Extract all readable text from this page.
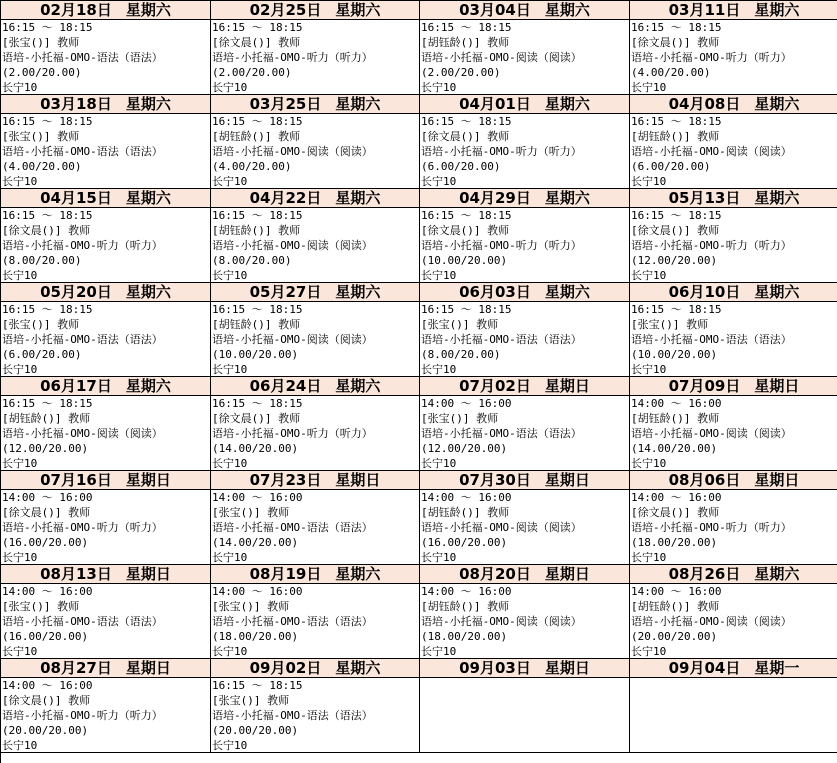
02月18日 星期六
16:15 ～ 18:15
[张宝()] 教师
语培-小托福-OMO-语法（语法）
(2.00/20.00)
长宁10
02月25日 星期六
16:15 ～ 18:15
[徐文晨()] 教师
语培-小托福-OMO-听力（听力）
(2.00/20.00)
长宁10
03月04日 星期六
16:15 ～ 18:15
[胡钰龄()] 教师
语培-小托福-OMO-阅读（阅读）
(2.00/20.00)
长宁10
03月11日 星期六
16:15 ～ 18:15
[徐文晨()] 教师
语培-小托福-OMO-听力（听力）
(4.00/20.00)
长宁10
03月18日 星期六
16:15 ～ 18:15
[张宝()] 教师
语培-小托福-OMO-语法（语法）
(4.00/20.00)
长宁10
03月25日 星期六
16:15 ～ 18:15
[胡钰龄()] 教师
语培-小托福-OMO-阅读（阅读）
(4.00/20.00)
长宁10
04月01日 星期六
16:15 ～ 18:15
[徐文晨()] 教师
语培-小托福-OMO-听力（听力）
(6.00/20.00)
长宁10
04月08日 星期六
16:15 ～ 18:15
[胡钰龄()] 教师
语培-小托福-OMO-阅读（阅读）
(6.00/20.00)
长宁10
04月15日 星期六
16:15 ～ 18:15
[徐文晨()] 教师
语培-小托福-OMO-听力（听力）
(8.00/20.00)
长宁10
04月22日 星期六
16:15 ～ 18:15
[胡钰龄()] 教师
语培-小托福-OMO-阅读（阅读）
(8.00/20.00)
长宁10
04月29日 星期六
16:15 ～ 18:15
[徐文晨()] 教师
语培-小托福-OMO-听力（听力）
(10.00/20.00)
长宁10
05月13日 星期六
16:15 ～ 18:15
[徐文晨()] 教师
语培-小托福-OMO-听力（听力）
(12.00/20.00)
长宁10
05月20日 星期六
16:15 ～ 18:15
[张宝()] 教师
语培-小托福-OMO-语法（语法）
(6.00/20.00)
长宁10
05月27日 星期六
16:15 ～ 18:15
[胡钰龄()] 教师
语培-小托福-OMO-阅读（阅读）
(10.00/20.00)
长宁10
06月03日 星期六
16:15 ～ 18:15
[张宝()] 教师
语培-小托福-OMO-语法（语法）
(8.00/20.00)
长宁10
06月10日 星期六
16:15 ～ 18:15
[张宝()] 教师
语培-小托福-OMO-语法（语法）
(10.00/20.00)
长宁10
06月17日 星期六
16:15 ～ 18:15
[胡钰龄()] 教师
语培-小托福-OMO-阅读（阅读）
(12.00/20.00)
长宁10
06月24日 星期六
16:15 ～ 18:15
[徐文晨()] 教师
语培-小托福-OMO-听力（听力）
(14.00/20.00)
长宁10
07月02日 星期日
14:00 ～ 16:00
[张宝()] 教师
语培-小托福-OMO-语法（语法）
(12.00/20.00)
长宁10
07月09日 星期日
14:00 ～ 16:00
[胡钰龄()] 教师
语培-小托福-OMO-阅读（阅读）
(14.00/20.00)
长宁10
07月16日 星期日
14:00 ～ 16:00
[徐文晨()] 教师
语培-小托福-OMO-听力（听力）
(16.00/20.00)
长宁10
07月23日 星期日
14:00 ～ 16:00
[张宝()] 教师
语培-小托福-OMO-语法（语法）
(14.00/20.00)
长宁10
07月30日 星期日
14:00 ～ 16:00
[胡钰龄()] 教师
语培-小托福-OMO-阅读（阅读）
(16.00/20.00)
长宁10
08月06日 星期日
14:00 ～ 16:00
[徐文晨()] 教师
语培-小托福-OMO-听力（听力）
(18.00/20.00)
长宁10
08月13日 星期日
14:00 ～ 16:00
[张宝()] 教师
语培-小托福-OMO-语法（语法）
(16.00/20.00)
长宁10
08月19日 星期六
14:00 ～ 16:00
[张宝()] 教师
语培-小托福-OMO-语法（语法）
(18.00/20.00)
长宁10
08月20日 星期日
14:00 ～ 16:00
[胡钰龄()] 教师
语培-小托福-OMO-阅读（阅读）
(18.00/20.00)
长宁10
08月26日 星期六
14:00 ～ 16:00
[胡钰龄()] 教师
语培-小托福-OMO-阅读（阅读）
(20.00/20.00)
长宁10
08月27日 星期日
14:00 ～ 16:00
[徐文晨()] 教师
语培-小托福-OMO-听力（听力）
(20.00/20.00)
长宁10
09月02日 星期六
16:15 ～ 18:15
[张宝()] 教师
语培-小托福-OMO-语法（语法）
(20.00/20.00)
长宁10
09月03日 星期日	09月04日 星期一
